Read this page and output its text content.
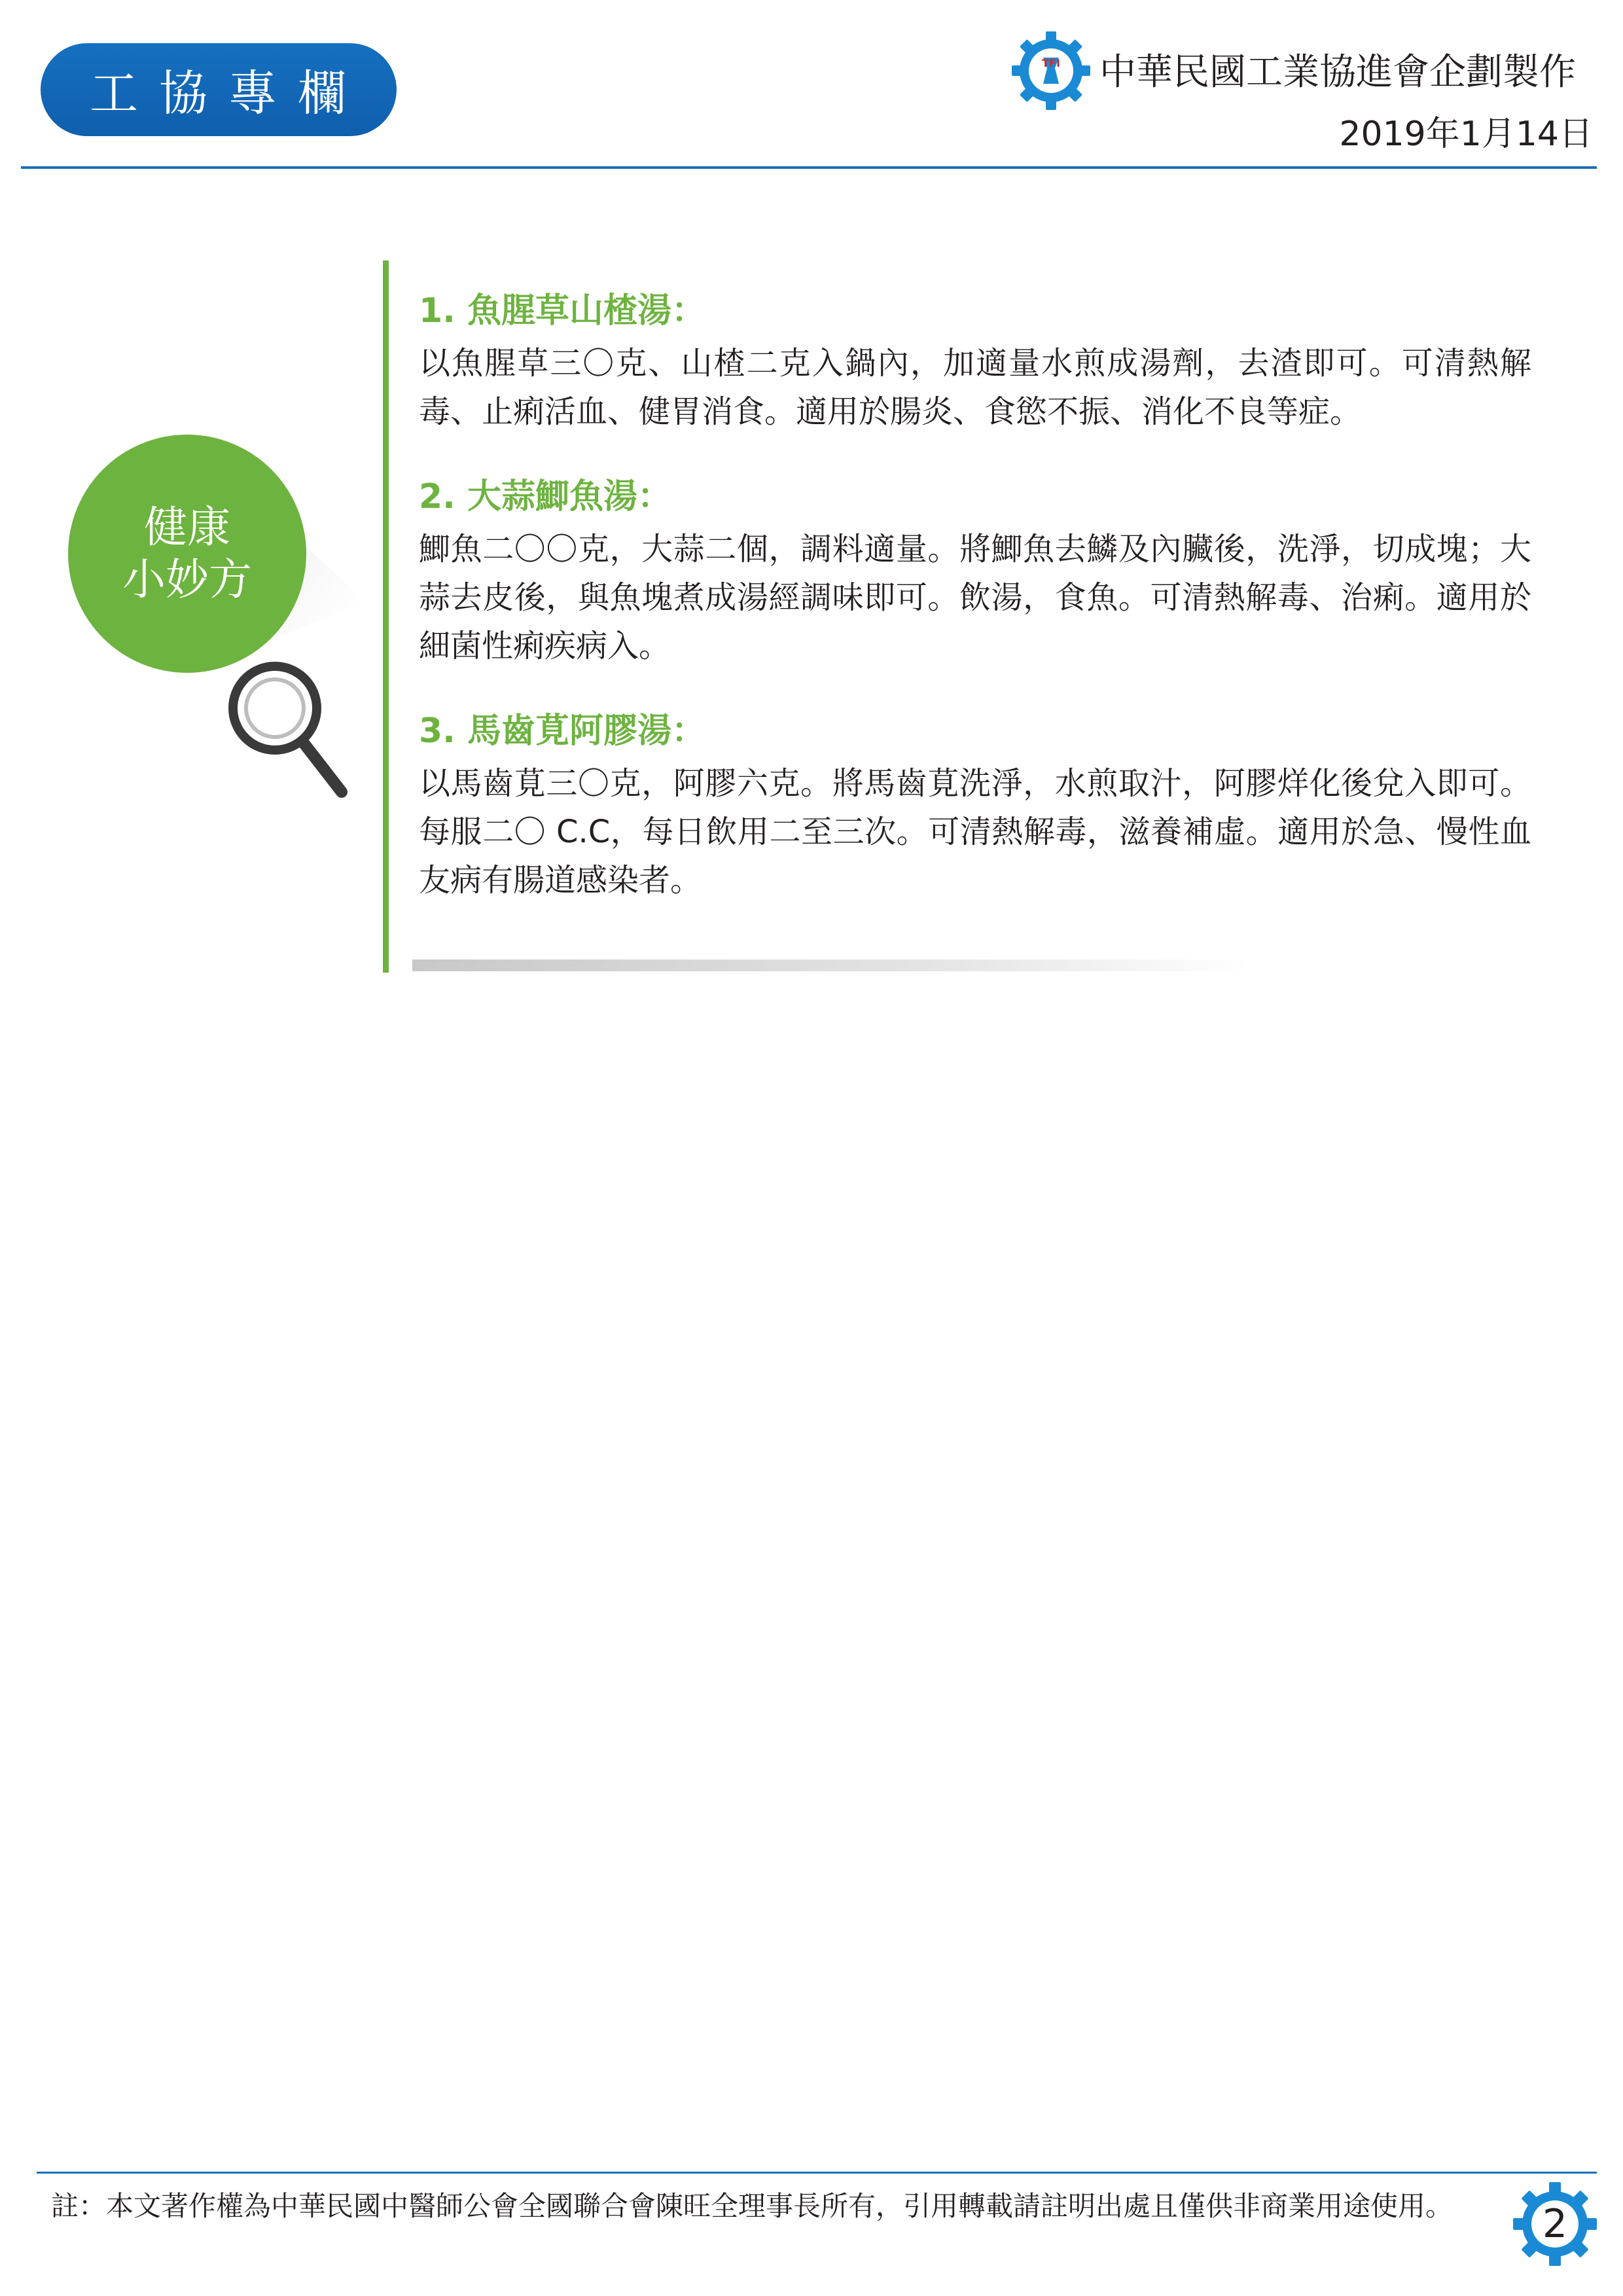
工協專欄
TFI 中華民國工業協進會企劃製作
2019年1月14日
健康
小妙方

1. 魚腥草山楂湯：

以魚腥草三〇克、山楂二克入鍋內，加適量水煎成湯劑，去渣即可。可清熱解毒、止痢活血、健胃消食。適用於腸炎、食慾不振、消化不良等症。

2. 大蒜鯽魚湯：

鯽魚二〇〇克，大蒜二個，調料適量。將鯽魚去鱗及內臟後，洗淨，切成塊；大蒜去皮後，與魚塊煮成湯經調味即可。飲湯，食魚。可清熱解毒、治痢。適用於細菌性痢疾病入。

3. 馬齒莧阿膠湯：

以馬齒莧三〇克，阿膠六克。將馬齒莧洗淨，水煎取汁，阿膠烊化後兌入即可。每服二〇 C.C，每日飲用二至三次。可清熱解毒，滋養補虛。適用於急、慢性血友病有腸道感染者。

註：本文著作權為中華民國中醫師公會全國聯合會陳旺全理事長所有，引用轉載請註明出處且僅供非商業用途使用。	2
